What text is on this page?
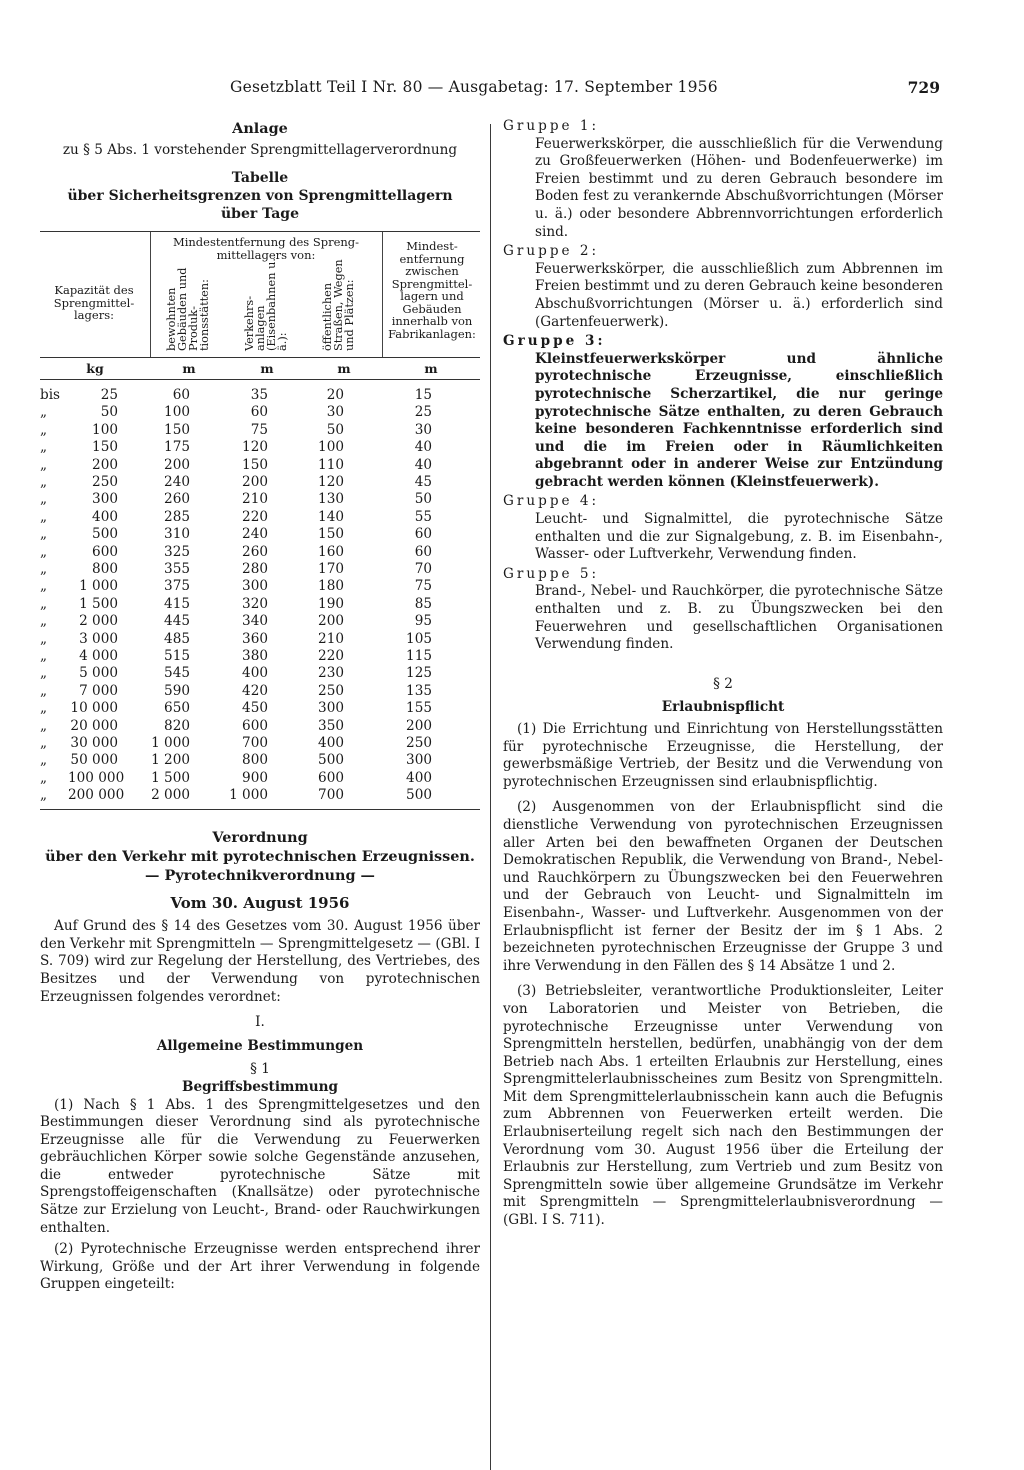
Gesetzblatt Teil I Nr. 80 — Ausgabetag: 17. September 1956	729
Anlage
zu § 5 Abs. 1 vorstehender Sprengmittellagerverordnung
Tabelle
über Sicherheitsgrenzen von Sprengmittellagern
über Tage
Mindestentfernung des Sprengmittellagers von:
Kapazität des Sprengmittellagers:	bewohnten Gebäuden und Produktionsstätten:	Verkehrsanlagen (Eisenbahnen u. ä.):	öffentlichen Straßen, Wegen und Plätzen:
Mindestentfernung zwischen Sprengmittellagern und Gebäuden innerhalb von Fabrikanlagen:
kg	m	m	m	m
bis	25	60	35	20	15
„	50	100	60	30	25
„	100	150	75	50	30
„	150	175	120	100	40
„	200	200	150	110	40
„	250	240	200	120	45
„	300	260	210	130	50
„	400	285	220	140	55
„	500	310	240	150	60
„	600	325	260	160	60
„	800	355	280	170	70
„	1 000	375	300	180	75
„	1 500	415	320	190	85
„	2 000	445	340	200	95
„	3 000	485	360	210	105
„	4 000	515	380	220	115
„	5 000	545	400	230	125
„	7 000	590	420	250	135
„	10 000	650	450	300	155
„	20 000	820	600	350	200
„	30 000	1 000	700	400	250
„	50 000	1 200	800	500	300
„	100 000	1 500	900	600	400
„	200 000	2 000	1 000	700	500
Verordnung
über den Verkehr mit pyrotechnischen Erzeugnissen.
— Pyrotechnikverordnung —
Vom 30. August 1956

Auf Grund des § 14 des Gesetzes vom 30. August 1956 über den Verkehr mit Sprengmitteln — Sprengmittelgesetz — (GBl. I S. 709) wird zur Regelung der Herstellung, des Vertriebes, des Besitzes und der Verwendung von pyrotechnischen Erzeugnissen folgendes verordnet:

I.
Allgemeine Bestimmungen
§ 1
Begriffsbestimmung

(1) Nach § 1 Abs. 1 des Sprengmittelgesetzes und den Bestimmungen dieser Verordnung sind als pyrotechnische Erzeugnisse alle für die Verwendung zu Feuerwerken gebräuchlichen Körper sowie solche Gegenstände anzusehen, die entweder pyrotechnische Sätze mit Sprengstoffeigenschaften (Knallsätze) oder pyrotechnische Sätze zur Erzielung von Leucht-, Brand- oder Rauchwirkungen enthalten.

(2) Pyrotechnische Erzeugnisse werden entsprechend ihrer Wirkung, Größe und der Art ihrer Verwendung in folgende Gruppen eingeteilt:

Gruppe 1:

Feuerwerkskörper, die ausschließlich für die Verwendung zu Großfeuerwerken (Höhen- und Bodenfeuerwerke) im Freien bestimmt und zu deren Gebrauch besondere im Boden fest zu verankernde Abschußvorrichtungen (Mörser u. ä.) oder besondere Abbrennvorrichtungen erforderlich sind.

Gruppe 2:

Feuerwerkskörper, die ausschließlich zum Abbrennen im Freien bestimmt und zu deren Gebrauch keine besonderen Abschußvorrichtungen (Mörser u. ä.) erforderlich sind (Gartenfeuerwerk).

Gruppe 3:

Kleinstfeuerwerkskörper und ähnliche pyrotechnische Erzeugnisse, einschließlich pyrotechnische Scherzartikel, die nur geringe pyrotechnische Sätze enthalten, zu deren Gebrauch keine besonderen Fachkenntnisse erforderlich sind und die im Freien oder in Räumlichkeiten abgebrannt oder in anderer Weise zur Entzündung gebracht werden können (Kleinstfeuerwerk).

Gruppe 4:

Leucht- und Signalmittel, die pyrotechnische Sätze enthalten und die zur Signalgebung, z. B. im Eisenbahn-, Wasser- oder Luftverkehr, Verwendung finden.

Gruppe 5:

Brand-, Nebel- und Rauchkörper, die pyrotechnische Sätze enthalten und z. B. zu Übungszwecken bei den Feuerwehren und gesellschaftlichen Organisationen Verwendung finden.

§ 2
Erlaubnispflicht

(1) Die Errichtung und Einrichtung von Herstellungsstätten für pyrotechnische Erzeugnisse, die Herstellung, der gewerbsmäßige Vertrieb, der Besitz und die Verwendung von pyrotechnischen Erzeugnissen sind erlaubnispflichtig.

(2) Ausgenommen von der Erlaubnispflicht sind die dienstliche Verwendung von pyrotechnischen Erzeugnissen aller Arten bei den bewaffneten Organen der Deutschen Demokratischen Republik, die Verwendung von Brand-, Nebel- und Rauchkörpern zu Übungszwecken bei den Feuerwehren und der Gebrauch von Leucht- und Signalmitteln im Eisenbahn-, Wasser- und Luftverkehr. Ausgenommen von der Erlaubnispflicht ist ferner der Besitz der im § 1 Abs. 2 bezeichneten pyrotechnischen Erzeugnisse der Gruppe 3 und ihre Verwendung in den Fällen des § 14 Absätze 1 und 2.

(3) Betriebsleiter, verantwortliche Produktionsleiter, Leiter von Laboratorien und Meister von Betrieben, die pyrotechnische Erzeugnisse unter Verwendung von Sprengmitteln herstellen, bedürfen, unabhängig von der dem Betrieb nach Abs. 1 erteilten Erlaubnis zur Herstellung, eines Sprengmittelerlaubnisscheines zum Besitz von Sprengmitteln. Mit dem Sprengmittelerlaubnisschein kann auch die Befugnis zum Abbrennen von Feuerwerken erteilt werden. Die Erlaubniserteilung regelt sich nach den Bestimmungen der Verordnung vom 30. August 1956 über die Erteilung der Erlaubnis zur Herstellung, zum Vertrieb und zum Besitz von Sprengmitteln sowie über allgemeine Grundsätze im Verkehr mit Sprengmitteln — Sprengmittelerlaubnisverordnung — (GBl. I S. 711).
